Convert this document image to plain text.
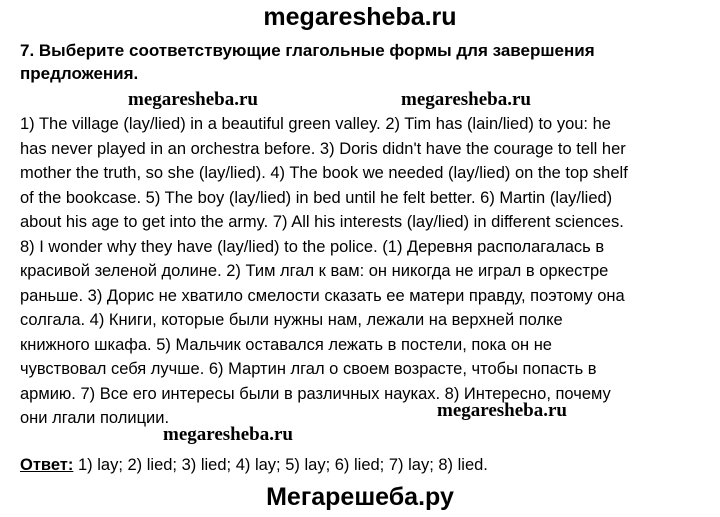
megaresheba.ru
7. Выберите соответствующие глагольные формы для завершения
предложения.
1) The village (lay/lied) in a beautiful green valley. 2) Tim has (lain/lied) to you: he
has never played in an orchestra before. 3) Doris didn't have the courage to tell her
mother the truth, so she (lay/lied). 4) The book we needed (lay/lied) on the top shelf
of the bookcase. 5) The boy (lay/lied) in bed until he felt better. 6) Martin (lay/lied)
about his age to get into the army. 7) All his interests (lay/lied) in different sciences.
8) I wonder why they have (lay/lied) to the police. (1) Деревня располагалась в
красивой зеленой долине. 2) Тим лгал к вам: он никогда не играл в оркестре
раньше. 3) Дорис не хватило смелости сказать ее матери правду, поэтому она
солгала. 4) Книги, которые были нужны нам, лежали на верхней полке
книжного шкафа. 5) Мальчик оставался лежать в постели, пока он не
чувствовал себя лучше. 6) Мартин лгал о своем возрасте, чтобы попасть в
армию. 7) Все его интересы были в различных науках. 8) Интересно, почему
они лгали полиции.
megaresheba.ru	megaresheba.ru
megaresheba.ru
megaresheba.ru
Ответ: 1) lay; 2) lied; 3) lied; 4) lay; 5) lay; 6) lied; 7) lay; 8) lied.
Мегарешеба.ру
